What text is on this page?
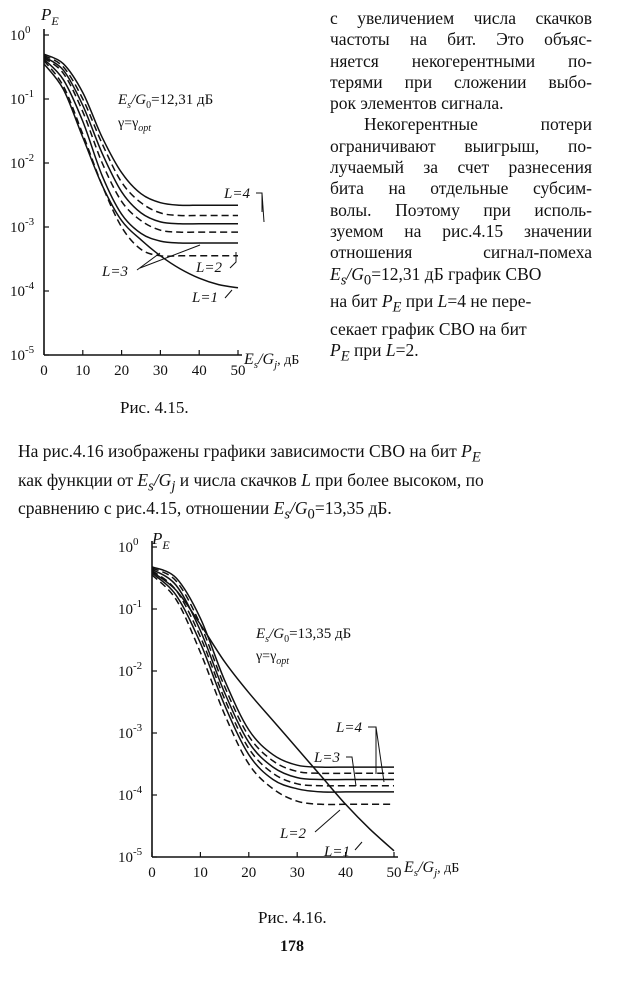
$P_E$
0 10 20 30 40 50
$10^0$
$10^{-1}$
$10^{-2}$
$10^{-3}$
$10^{-4}$
$10^{-5}$
$E_s/G_j$, дБ
$E_s/G_0=12,31$ дБ
$\gamma=\gamma_{opt}$
L=4
L=3	L=2
L=1
с увеличением числа скачков
частоты на бит. Это объяс-
няется некогерентными по-
терями при сложении выбо-
рок элементов сигнала.
Некогерентные потери
ограничивают выигрыш, по-
лучаемый за счет разнесения
бита на отдельные субсим-
волы. Поэтому при исполь-
зуемом на рис.4.15 значении
отношения сигнал-помеха
$E_s/G_0=12,31$ дБ график СВО
на бит $P_E$ при L=4 не пере-
секает график СВО на бит
$P_E$ при L=2.
Рис. 4.15.
На рис.4.16 изображены графики зависимости СВО на бит $P_E$
как функции от $E_s/G_j$ и числа скачков L при более высоком, по
сравнению с рис.4.15, отношении $E_s/G_0=13,35$ дБ.
$P_E$
0 10 20 30 40 50
$10^0$
$10^{-1}$
$10^{-2}$
$10^{-3}$
$10^{-4}$
$10^{-5}$
$E_s/G_j$, дБ
$E_s/G_0=13,35$ дБ
$\gamma=\gamma_{opt}$
L=4
L=3
L=2
L=1
Рис. 4.16.
178
